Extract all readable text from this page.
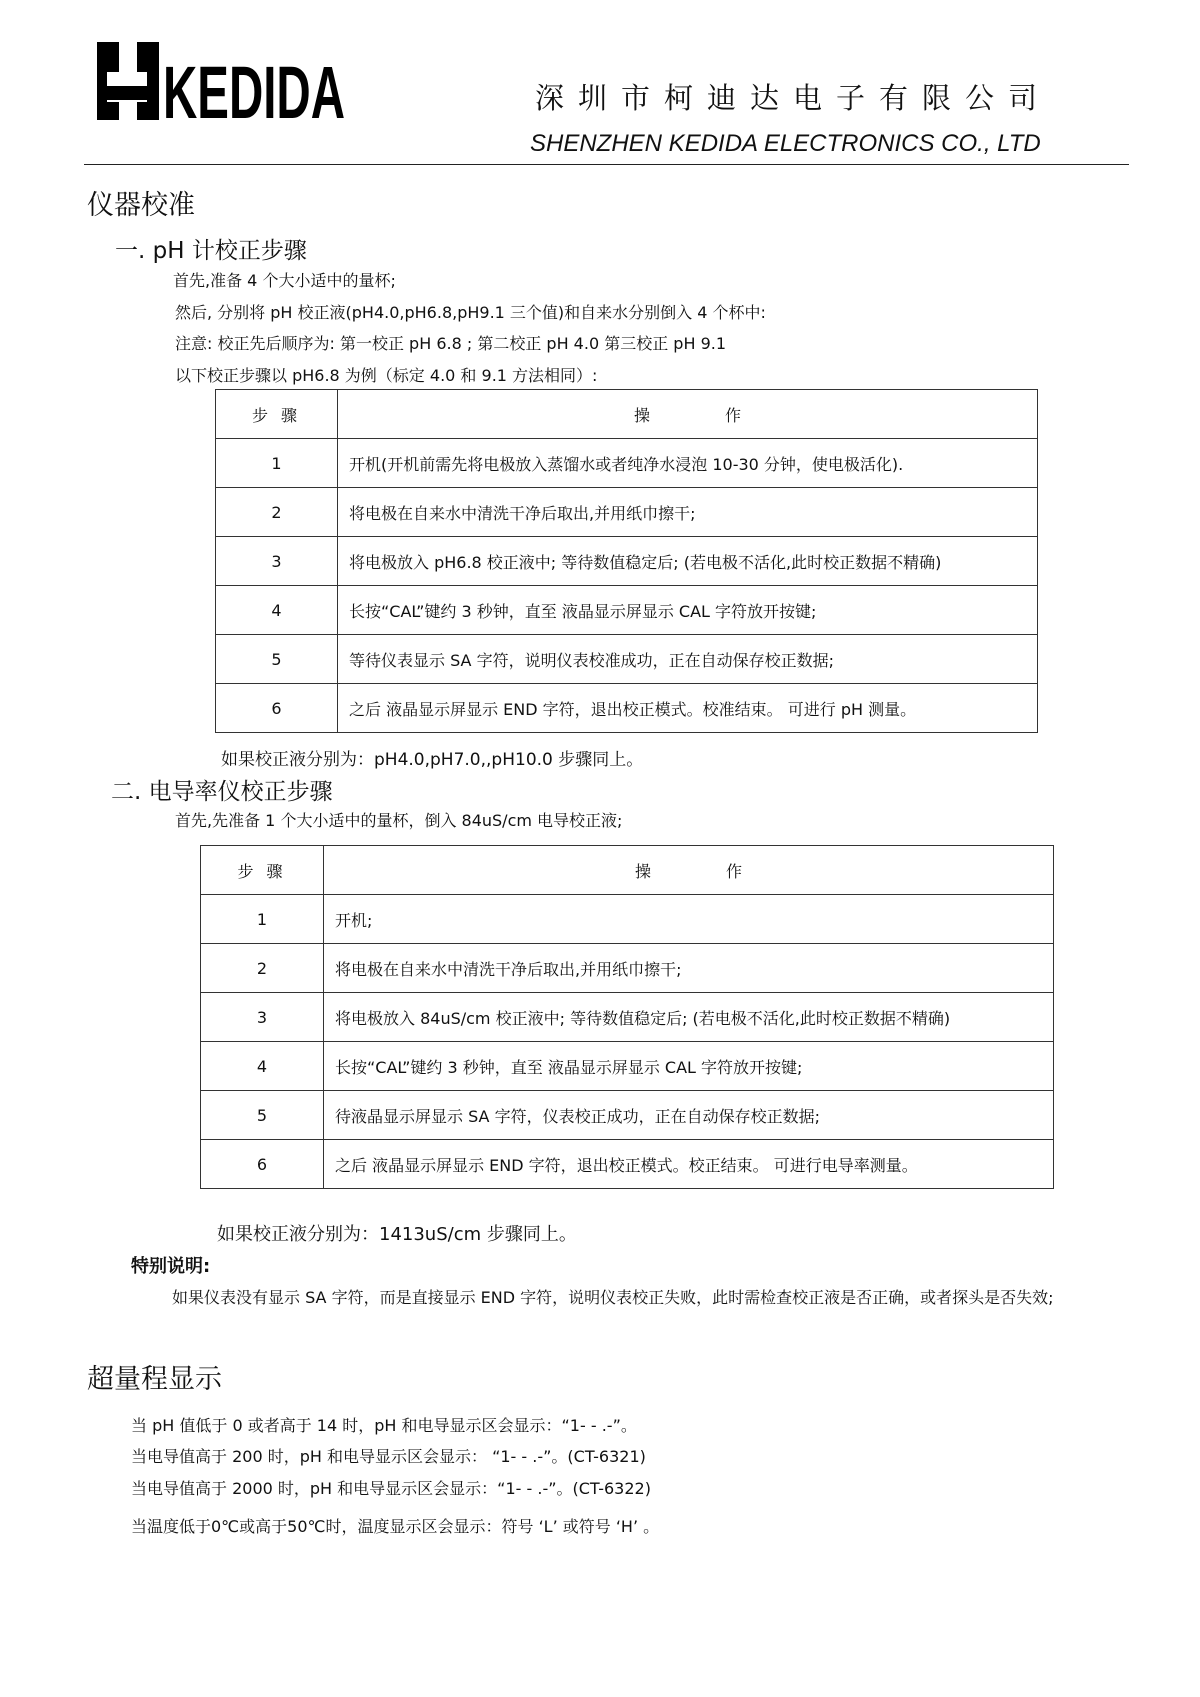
KEDIDA	深圳市柯迪达电子有限公司
SHENZHEN KEDIDA ELECTRONICS CO., LTD
仪器校准
一. pH 计校正步骤
首先,准备 4 个大小适中的量杯;
然后, 分别将 pH 校正液(pH4.0,pH6.8,pH9.1 三个值)和自来水分别倒入 4 个杯中:
注意: 校正先后顺序为: 第一校正 pH 6.8 ; 第二校正 pH 4.0 第三校正 pH 9.1
以下校正步骤以 pH6.8 为例（标定 4.0 和 9.1 方法相同）:
步 骤	操 作
1	开机(开机前需先将电极放入蒸馏水或者纯净水浸泡 10-30 分钟，使电极活化).
2	将电极在自来水中清洗干净后取出,并用纸巾擦干;
3	将电极放入 pH6.8 校正液中; 等待数值稳定后; (若电极不活化,此时校正数据不精确)
4	长按“CAL”键约 3 秒钟，直至 液晶显示屏显示 CAL 字符放开按键;
5	等待仪表显示 SA 字符，说明仪表校准成功，正在自动保存校正数据;
6	之后 液晶显示屏显示 END 字符，退出校正模式。校准结束。 可进行 pH 测量。
如果校正液分别为：pH4.0,pH7.0,,pH10.0 步骤同上。
二. 电导率仪校正步骤
首先,先准备 1 个大小适中的量杯，倒入 84uS/cm 电导校正液;
步 骤	操 作
1	开机;
2	将电极在自来水中清洗干净后取出,并用纸巾擦干;
3	将电极放入 84uS/cm 校正液中; 等待数值稳定后; (若电极不活化,此时校正数据不精确)
4	长按“CAL”键约 3 秒钟，直至 液晶显示屏显示 CAL 字符放开按键;
5	待液晶显示屏显示 SA 字符，仪表校正成功，正在自动保存校正数据;
6	之后 液晶显示屏显示 END 字符，退出校正模式。校正结束。 可进行电导率测量。
如果校正液分别为：1413uS/cm 步骤同上。
特别说明:
如果仪表没有显示 SA 字符，而是直接显示 END 字符，说明仪表校正失败，此时需检查校正液是否正确，或者探头是否失效;
超量程显示
当 pH 值低于 0 或者高于 14 时，pH 和电导显示区会显示：“1- - .-”。
当电导值高于 200 时，pH 和电导显示区会显示： “1- - .-”。(CT-6321)
当电导值高于 2000 时，pH 和电导显示区会显示：“1- - .-”。(CT-6322)
当温度低于0℃或高于50℃时，温度显示区会显示：符号 ‘L’ 或符号 ‘H’ 。
